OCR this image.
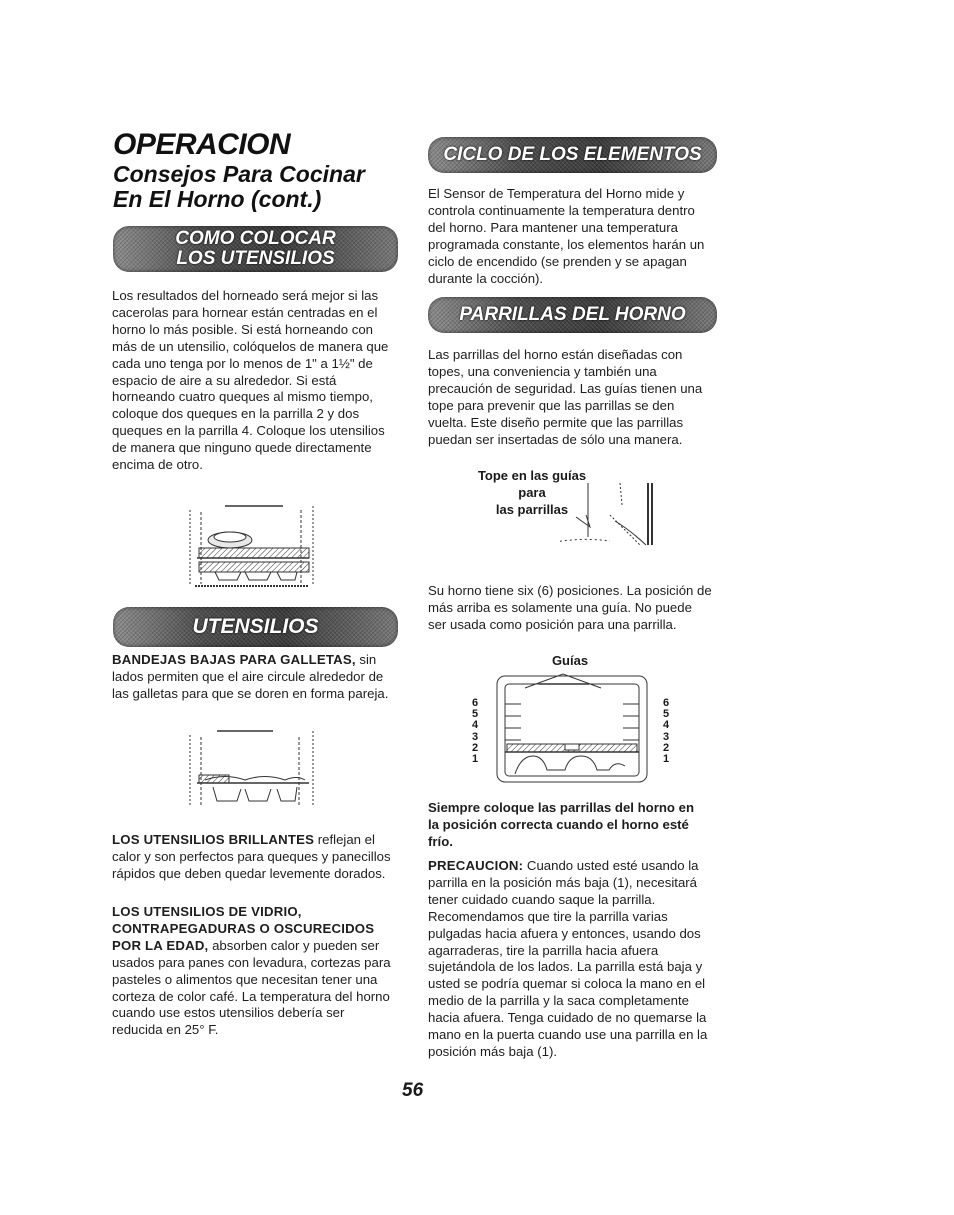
OPERACION
Consejos Para Cocinar En El Horno (cont.)
COMO COLOCAR
LOS UTENSILIOS
Los resultados del horneado será mejor si las cacerolas para hornear están centradas en el horno lo más posible. Si está horneando con más de un utensilio, colóquelos de manera que cada uno tenga por lo menos de 1" a 1½" de espacio de aire a su alrededor. Si está horneando cuatro queques al mismo tiempo, coloque dos queques en la parrilla 2 y dos queques en la parrilla 4. Coloque los utensilios de manera que ninguno quede directamente encima de otro.
UTENSILIOS
BANDEJAS BAJAS PARA GALLETAS, sin lados permiten que el aire circule alrededor de las galletas para que se doren en forma pareja.
LOS UTENSILIOS BRILLANTES reflejan el calor y son perfectos para queques y panecillos rápidos que deben quedar levemente dorados.
LOS UTENSILIOS DE VIDRIO, CONTRAPEGADURAS O OSCURECIDOS POR LA EDAD, absorben calor y pueden ser usados para panes con levadura, cortezas para pasteles o alimentos que necesitan tener una corteza de color café. La temperatura del horno cuando use estos utensilios debería ser reducida en 25° F.
CICLO DE LOS ELEMENTOS
El Sensor de Temperatura del Horno mide y controla continuamente la temperatura dentro del horno. Para mantener una temperatura programada constante, los elementos harán un ciclo de encendido (se prenden y se apagan durante la cocción).
PARRILLAS DEL HORNO
Las parrillas del horno están diseñadas con topes, una conveniencia y también una precaución de seguridad. Las guías tienen una tope para prevenir que las parrillas se den vuelta. Este diseño permite que las parrillas puedan ser insertadas de sólo una manera.
Tope en las guías
para
las parrillas
Su horno tiene six (6) posiciones. La posición de más arriba es solamente una guía. No puede ser usada como posición para una parrilla.
Guías
6
5
4
3
2
1
6
5
4
3
2
1
Siempre coloque las parrillas del horno en la posición correcta cuando el horno esté frío.
PRECAUCION: Cuando usted esté usando la parrilla en la posición más baja (1), necesitará tener cuidado cuando saque la parrilla. Recomendamos que tire la parrilla varias pulgadas hacia afuera y entonces, usando dos agarraderas, tire la parrilla hacia afuera sujetándola de los lados. La parrilla está baja y usted se podría quemar si coloca la mano en el medio de la parrilla y la saca completamente hacia afuera. Tenga cuidado de no quemarse la mano en la puerta cuando use una parrilla en la posición más baja (1).
56
